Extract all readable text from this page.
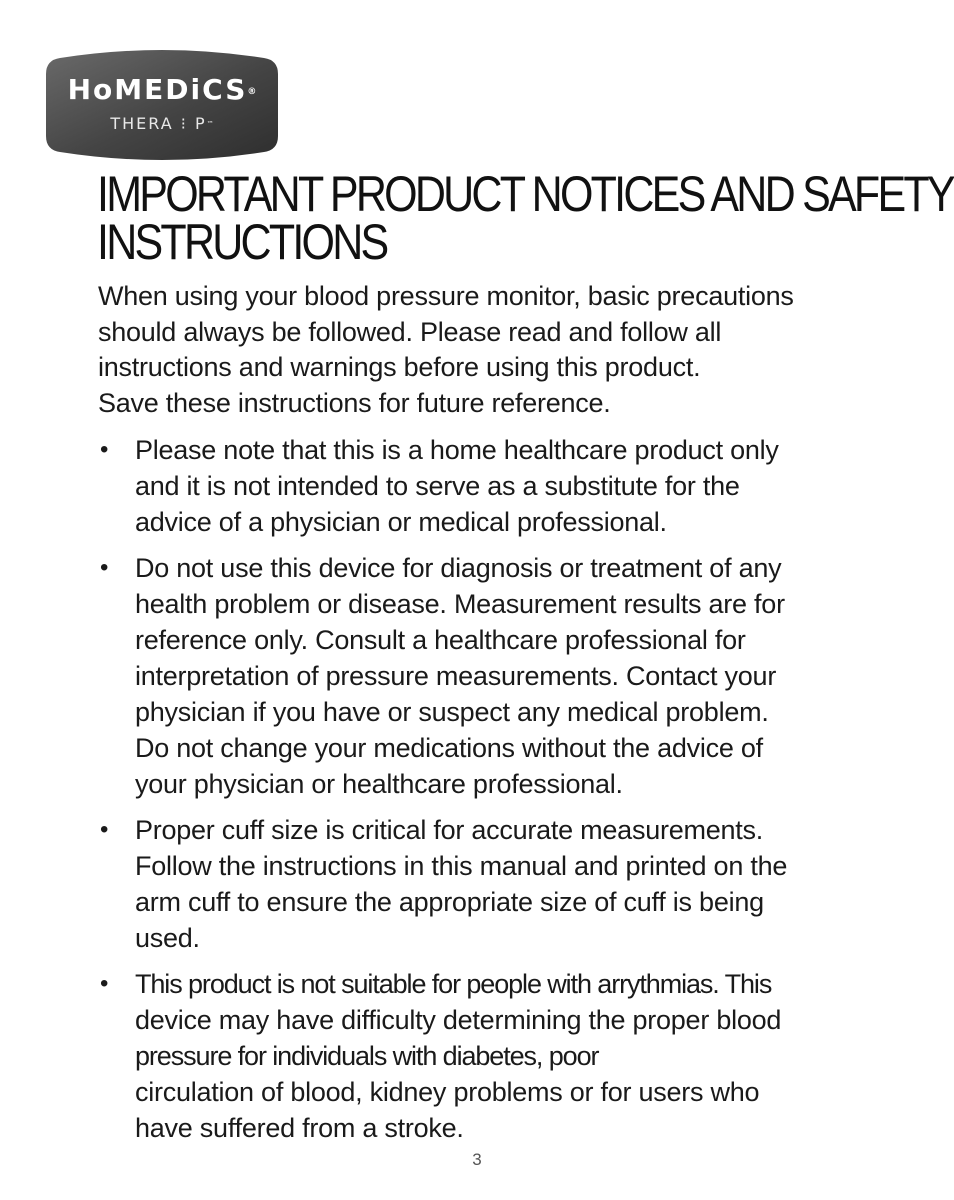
HoMEDiCS®
THERA ⁝ P™
IMPORTANT PRODUCT NOTICES AND SAFETY
INSTRUCTIONS

When using your blood pressure monitor, basic precautions
should always be followed. Please read and follow all
instructions and warnings before using this product.
Save these instructions for future reference.

• Please note that this is a home healthcare product only
and it is not intended to serve as a substitute for the
advice of a physician or medical professional.
• Do not use this device for diagnosis or treatment of any
health problem or disease. Measurement results are for
reference only. Consult a healthcare professional for
interpretation of pressure measurements. Contact your
physician if you have or suspect any medical problem.
Do not change your medications without the advice of
your physician or healthcare professional.
• Proper cuff size is critical for accurate measurements.
Follow the instructions in this manual and printed on the
arm cuff to ensure the appropriate size of cuff is being
used.
• This product is not suitable for people with arrythmias. This
device may have difficulty determining the proper blood
pressure for individuals with diabetes, poor
circulation of blood, kidney problems or for users who
have suffered from a stroke.
3
